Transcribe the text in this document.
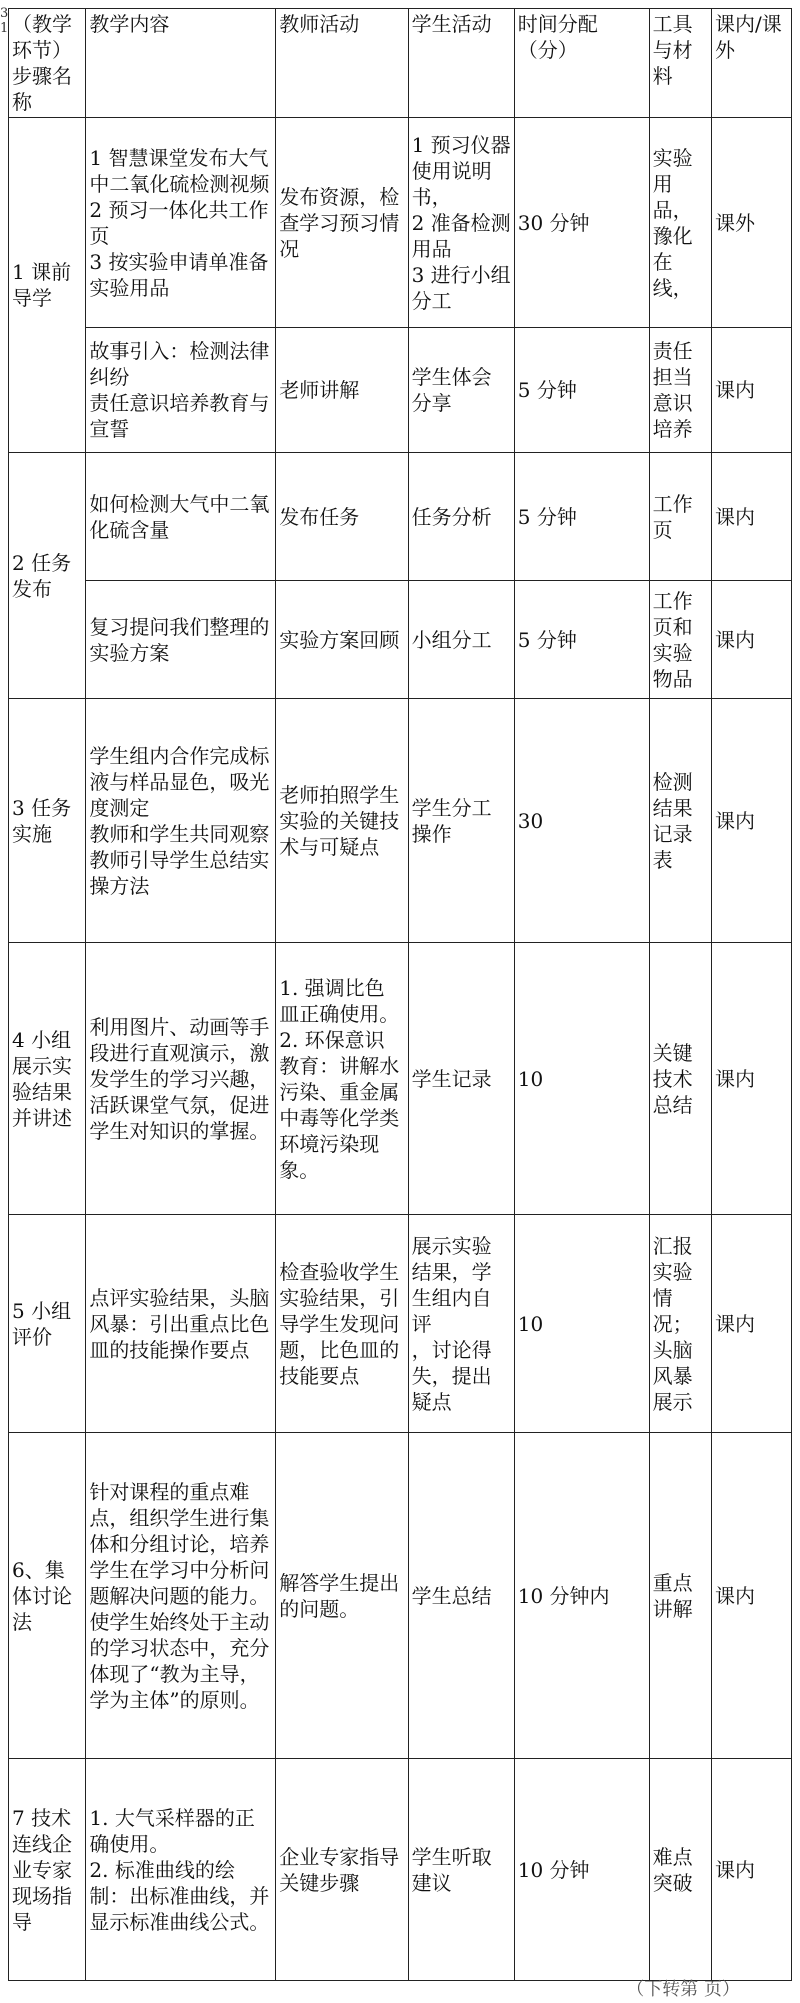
3
1 （教学环节）步骤名称	教学内容	教师活动	学生活动	时间分配（分）	工具与材料	课内/课外
1 课前导学	1 智慧课堂发布大气中二氧化硫检测视频
2 预习一体化共工作页
3 按实验申请单准备实验用品	发布资源，检查学习预习情况	1 预习仪器使用说明书，
2 准备检测用品
3 进行小组分工	30 分钟	实验用品，豫化在线，	课外
	故事引入：检测法律纠纷
责任意识培养教育与宣誓	老师讲解	学生体会分享	5 分钟	责任担当意识培养	课内
2 任务发布	如何检测大气中二氧化硫含量	发布任务	任务分析	5 分钟	工作页	课内
	复习提问我们整理的实验方案	实验方案回顾	小组分工	5 分钟	工作页和实验物品	课内
3 任务实施	学生组内合作完成标液与样品显色，吸光度测定
教师和学生共同观察
教师引导学生总结实操方法	老师拍照学生实验的关键技术与可疑点	学生分工操作	30	检测结果记录表	课内
4 小组展示实验结果并讲述	利用图片、动画等手段进行直观演示，激发学生的学习兴趣，活跃课堂气氛，促进学生对知识的掌握。	1. 强调比色皿正确使用。
2. 环保意识教育：讲解水污染、重金属中毒等化学类环境污染现象。	学生记录	10	关键技术总结	课内
5 小组评价	点评实验结果，头脑风暴：引出重点比色皿的技能操作要点	检查验收学生实验结果，引导学生发现问题，比色皿的技能要点	展示实验结果，学生组内自评
，讨论得失，提出疑点	10	汇报实验情况；头脑风暴展示	课内
6、集体讨论法	针对课程的重点难点，组织学生进行集体和分组讨论，培养学生在学习中分析问题解决问题的能力。使学生始终处于主动的学习状态中，充分体现了“教为主导，学为主体”的原则。	解答学生提出的问题。	学生总结	10 分钟内	重点讲解	课内
7 技术连线企业专家现场指导	1. 大气采样器的正确使用。
2. 标准曲线的绘制：出标准曲线，并显示标准曲线公式。	企业专家指导关键步骤	学生听取建议	10 分钟	难点突破	课内
（下转第 页）
